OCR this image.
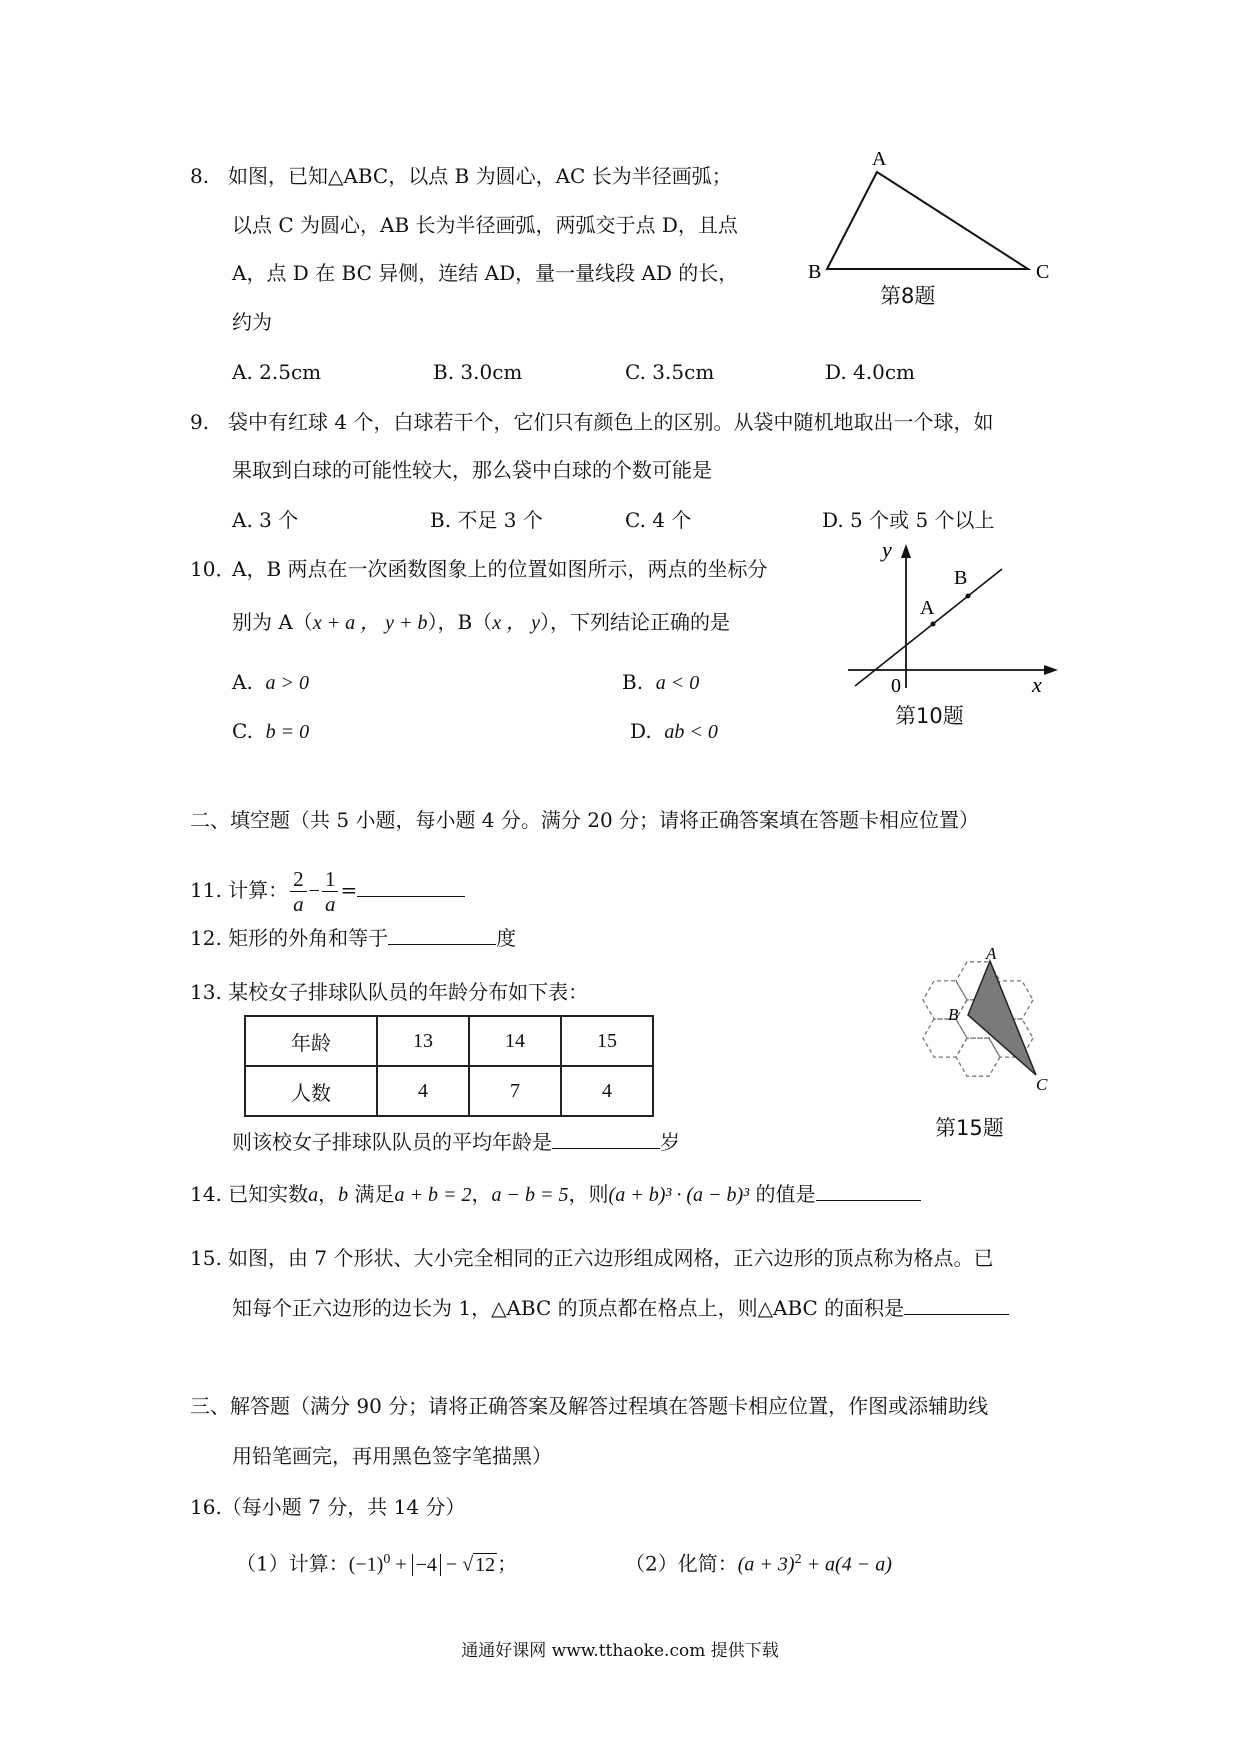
8. 如图，已知△ABC，以点 B 为圆心，AC 长为半径画弧；
以点 C 为圆心，AB 长为半径画弧，两弧交于点 D，且点
A，点 D 在 BC 异侧，连结 AD，量一量线段 AD 的长，
约为
A. 2.5cm	B. 3.0cm	C. 3.5cm	D. 4.0cm
A
B	C
第8题
9. 袋中有红球 4 个，白球若干个，它们只有颜色上的区别。从袋中随机地取出一个球，如
果取到白球的可能性较大，那么袋中白球的个数可能是
A. 3 个	B. 不足 3 个	C. 4 个	D. 5 个或 5 个以上
10．
A，B 两点在一次函数图象上的位置如图所示，两点的坐标分
别为 A（x + a ， y + b），B（x ， y），下列结论正确的是
A. a > 0	B. a < 0
C. b = 0	D. ab < 0
y
x
0
A
B
第10题
二、填空题（共 5 小题，每小题 4 分。满分 20 分；请将正确答案填在答题卡相应位置）
11. 计算： $\frac{2}{a} - \frac{1}{a}$ =
12. 矩形的外角和等于	度
13. 某校女子排球队队员的年龄分布如下表：
年龄	13	14	15
人数	4	7	4
则该校女子排球队队员的平均年龄是	岁
A
B
C
第15题
14. 已知实数a，b 满足a + b = 2，a − b = 5，则(a + b)³ · (a − b)³ 的值是
15. 如图，由 7 个形状、大小完全相同的正六边形组成网格，正六边形的顶点称为格点。已
知每个正六边形的边长为 1，△ABC 的顶点都在格点上，则△ABC 的面积是
三、解答题（满分 90 分；请将正确答案及解答过程填在答题卡相应位置，作图或添辅助线
用铅笔画完，再用黑色签字笔描黑）
16.（每小题 7 分，共 14 分）
（1）计算：$(-1)^0 + -4$ − √ 12 ；	（2）化简：$(a + 3)^2 + a(4 - a)$
通通好课网 www.tthaoke.com 提供下载
